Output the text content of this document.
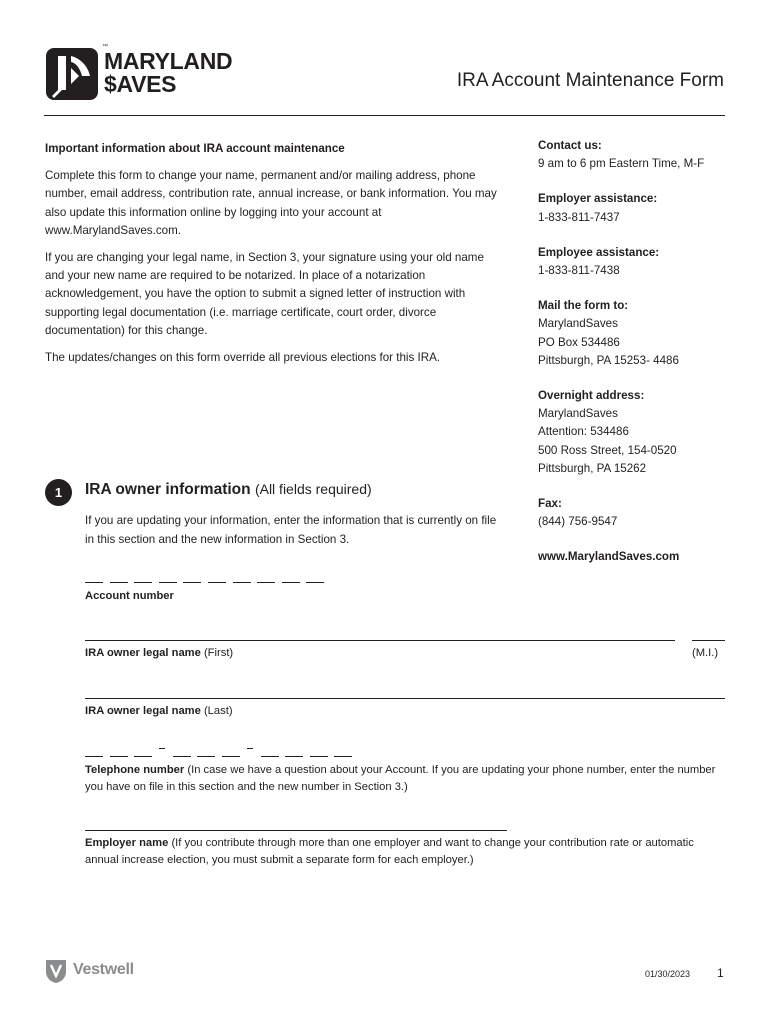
™
MARYLAND
$AVES	IRA Account Maintenance Form

Important information about IRA account maintenance

Complete this form to change your name, permanent and/or mailing address, phone number, email address, contribution rate, annual increase, or bank information. You may also update this information online by logging into your account at www.MarylandSaves.com.

If you are changing your legal name, in Section 3, your signature using your old name and your new name are required to be notarized. In place of a notarization acknowledgement, you have the option to submit a signed letter of instruction with supporting legal documentation (i.e. marriage certificate, court order, divorce documentation) for this change.

The updates/changes on this form override all previous elections for this IRA.

Contact us:
9 am to 6 pm Eastern Time, M-F
Employer assistance:
1-833-811-7437
Employee assistance:
1-833-811-7438
Mail the form to:
MarylandSaves
PO Box 534486
Pittsburgh, PA 15253- 4486
Overnight address:
MarylandSaves
Attention: 534486
500 Ross Street, 154-0520
Pittsburgh, PA 15262
Fax:
(844) 756-9547
www.MarylandSaves.com
1	IRA owner information (All fields required)
If you are updating your information, enter the information that is currently on file in this section and the new information in Section 3.
Account number
IRA owner legal name (First)	(M.I.)
IRA owner legal name (Last)
Telephone number (In case we have a question about your Account. If you are updating your phone number, enter the number you have on file in this section and the new number in Section 3.)
Employer name (If you contribute through more than one employer and want to change your contribution rate or automatic annual increase election, you must submit a separate form for each employer.)
Vestwell	01/30/2023 1
